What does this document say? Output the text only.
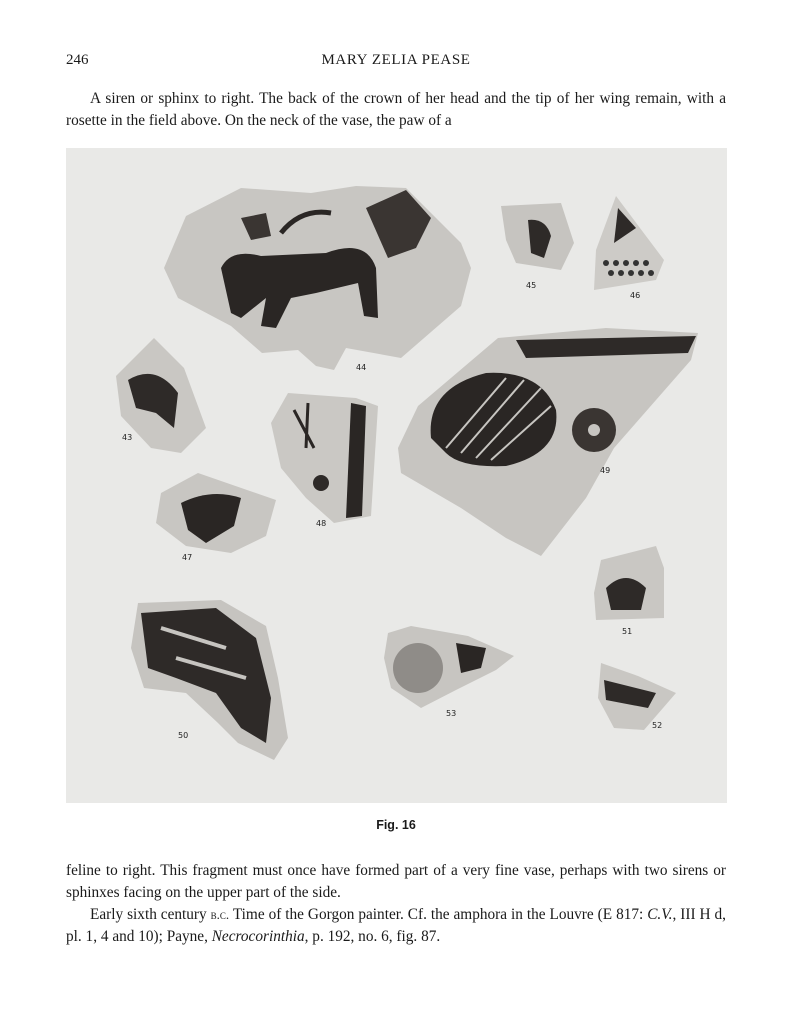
246	MARY ZELIA PEASE

A siren or sphinx to right. The back of the crown of her head and the tip of her wing remain, with a rosette in the field above. On the neck of the vase, the paw of a

44
45
46
43
48
49
47
51
50
53
52
Fig. 16

feline to right. This fragment must once have formed part of a very fine vase, perhaps with two sirens or sphinxes facing on the upper part of the side.

Early sixth century b.c. Time of the Gorgon painter. Cf. the amphora in the Louvre (E 817: C.V., III H d, pl. 1, 4 and 10); Payne, Necrocorinthia, p. 192, no. 6, fig. 87.
